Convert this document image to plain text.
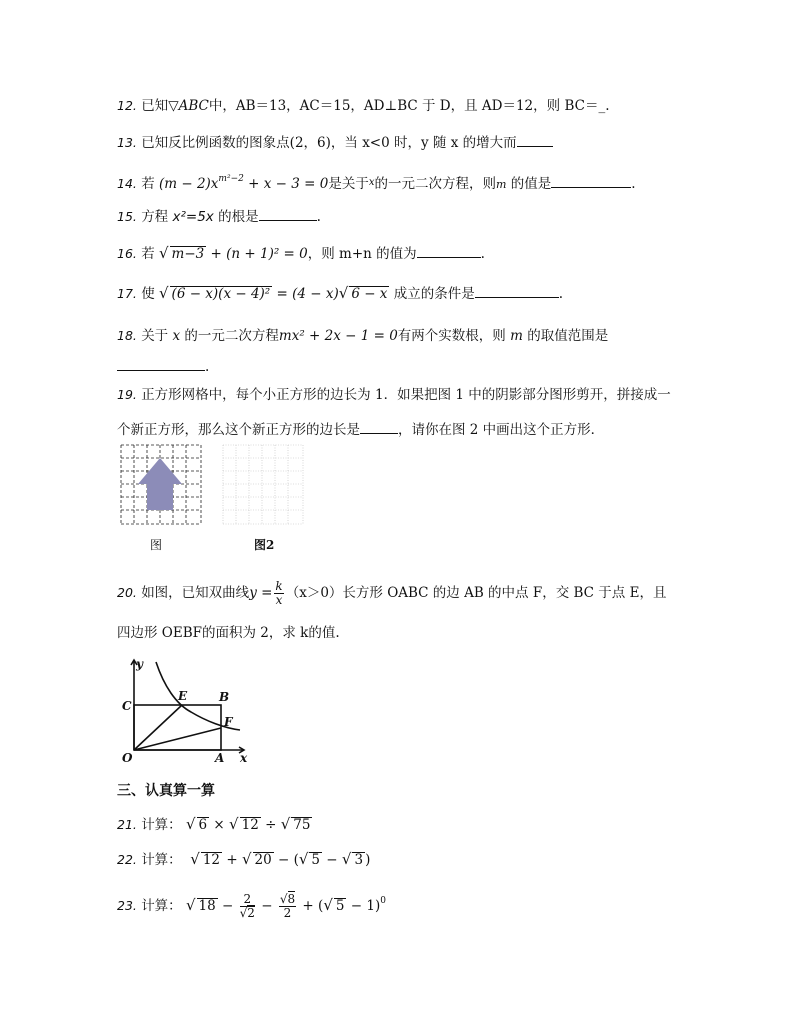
12. 已知▽ABC中，AB＝13，AC＝15，AD⊥BC 于 D，且 AD＝12，则 BC＝_.
13. 已知反比例函数的图象点(2，6)，当 x<0 时，y 随 x 的增大而
14. 若 $(m - 2)x^{m^2-2} + x - 3 = 0$是关于$^x$的一元二次方程，则m 的值是	.
15. 方程 x²=5x 的根是	.
16. 若 √ m−3 + (n + 1)² = 0，则 m+n 的值为	.
17. 使 √ (6 − x)(x − 4)² = (4 − x)√ 6 − x 成立的条件是	.
18. 关于 x 的一元二次方程mx² + 2x − 1 = 0有两个实数根，则 m 的取值范围是
.
19. 正方形网格中，每个小正方形的边长为 1．如果把图 1 中的阴影部分图形剪开，拼接成一
个新正方形，那么这个新正方形的边长是	，请你在图 2 中画出这个正方形．
图	图2
20. 如图，已知双曲线$y = \frac{k}{x} (x>0)$长方形 OABC 的边 AB 的中点 F，交 BC 于点 E，且
四边形 OEBF的面积为 2，求 k的值.
y
x
C
E	B
F
O	A
三、认真算一算
21. 计算： √ 6 × √ 12 ÷ √ 75
22. 计算： √ 12 + √ 20 − (√ 5 − √ 3 )
23. 计算： √ $18 - \frac{2}{√2} - \frac{√8}{2}$ + (√ 5 − 1)$^0$
